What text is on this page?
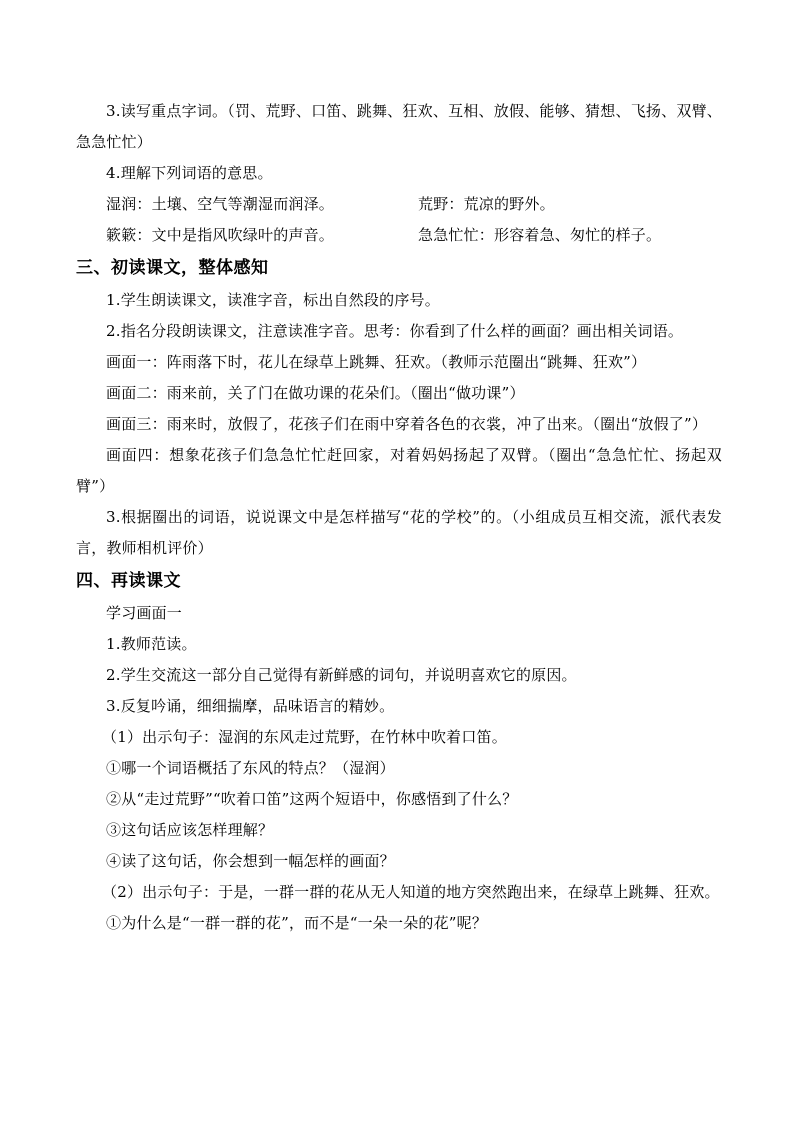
3.读写重点字词。（罚、荒野、口笛、跳舞、狂欢、互相、放假、能够、猜想、飞扬、双臂、急急忙忙）

4.理解下列词语的意思。

湿润：土壤、空气等潮湿而润泽。	荒野：荒凉的野外。
簌簌：文中是指风吹绿叶的声音。	急急忙忙：形容着急、匆忙的样子。

三、初读课文，整体感知

1.学生朗读课文，读准字音，标出自然段的序号。

2.指名分段朗读课文，注意读准字音。思考：你看到了什么样的画面？画出相关词语。

画面一：阵雨落下时，花儿在绿草上跳舞、狂欢。（教师示范圈出“跳舞、狂欢”）

画面二：雨来前，关了门在做功课的花朵们。（圈出“做功课”）

画面三：雨来时，放假了，花孩子们在雨中穿着各色的衣裳，冲了出来。（圈出“放假了”）

画面四：想象花孩子们急急忙忙赶回家，对着妈妈扬起了双臂。（圈出“急急忙忙、扬起双臂”）

3.根据圈出的词语，说说课文中是怎样描写“花的学校”的。（小组成员互相交流，派代表发言，教师相机评价）

四、再读课文

学习画面一

1.教师范读。

2.学生交流这一部分自己觉得有新鲜感的词句，并说明喜欢它的原因。

3.反复吟诵，细细揣摩，品味语言的精妙。

（1）出示句子：湿润的东风走过荒野，在竹林中吹着口笛。

①哪一个词语概括了东风的特点？（湿润）

②从“走过荒野”“吹着口笛”这两个短语中，你感悟到了什么？

③这句话应该怎样理解？

④读了这句话，你会想到一幅怎样的画面？

（2）出示句子：于是，一群一群的花从无人知道的地方突然跑出来，在绿草上跳舞、狂欢。

①为什么是“一群一群的花”，而不是“一朵一朵的花”呢？
